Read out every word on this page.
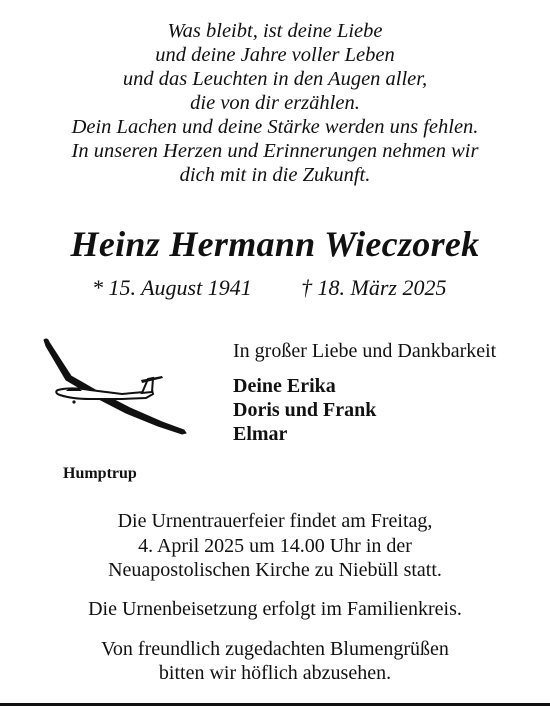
Was bleibt, ist deine Liebe
und deine Jahre voller Leben
und das Leuchten in den Augen aller,
die von dir erzählen.
Dein Lachen und deine Stärke werden uns fehlen.
In unseren Herzen und Erinnerungen nehmen wir
dich mit in die Zukunft.
Heinz Hermann Wieczorek
* 15. August 1941 † 18. März 2025
Humptrup
In großer Liebe und Dankbarkeit
Deine Erika
Doris und Frank
Elmar
Die Urnentrauerfeier findet am Freitag,
4. April 2025 um 14.00 Uhr in der
Neuapostolischen Kirche zu Niebüll statt.
Die Urnenbeisetzung erfolgt im Familienkreis.
Von freundlich zugedachten Blumengrüßen
bitten wir höflich abzusehen.
